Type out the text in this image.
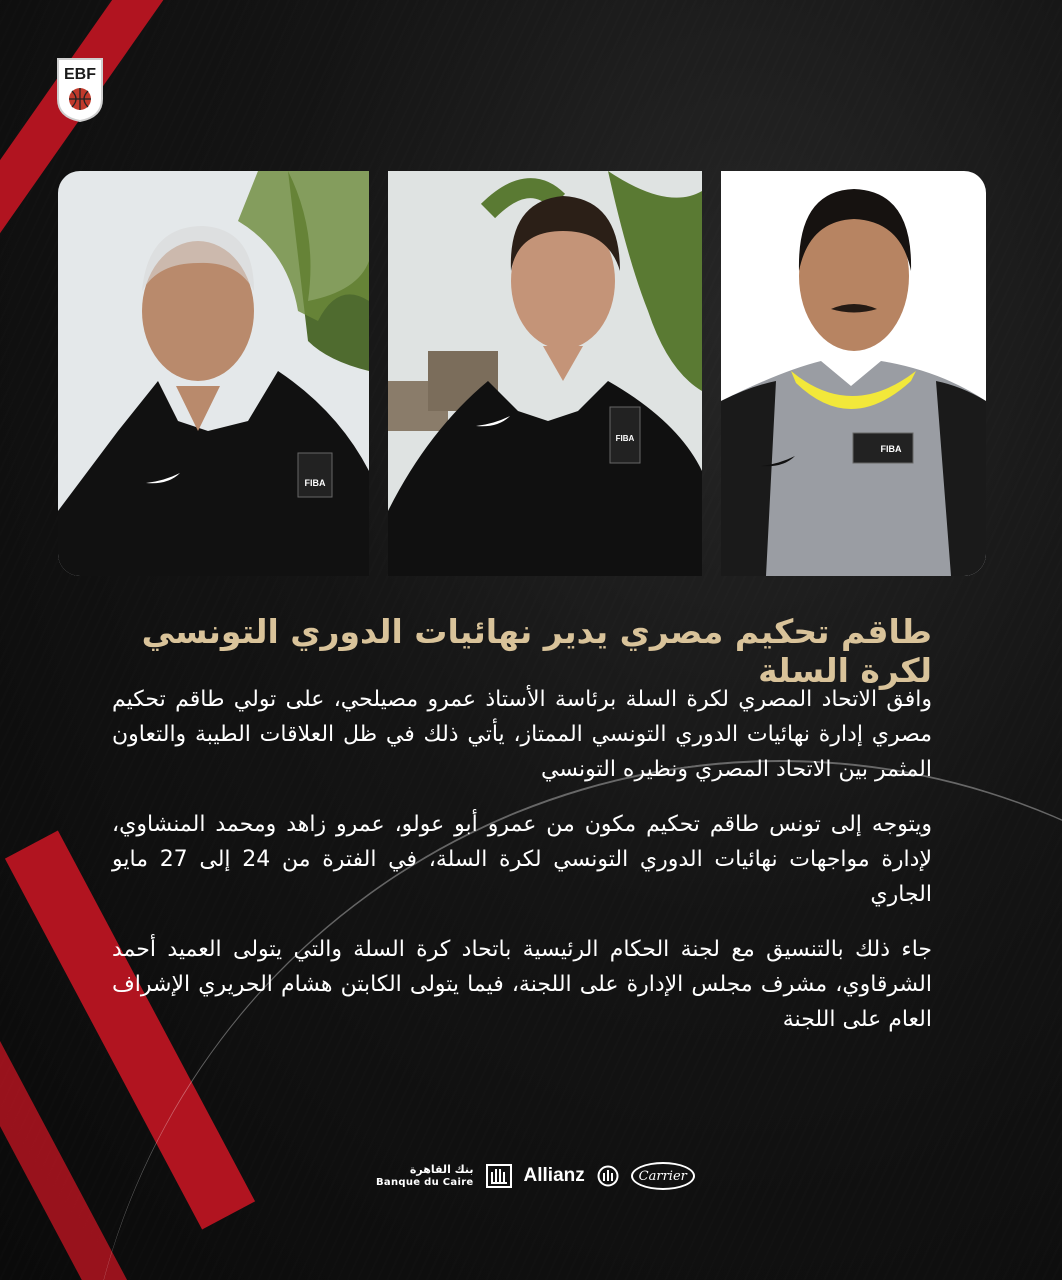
EBF
FIBA
FIBA
FIBA
طاقم تحكيم مصري يدير نهائيات الدوري التونسي لكرة السلة

وافق الاتحاد المصري لكرة السلة برئاسة الأستاذ عمرو مصيلحي، على تولي طاقم تحكيم مصري إدارة نهائيات الدوري التونسي الممتاز، يأتي ذلك في ظل العلاقات الطيبة والتعاون المثمر بين الاتحاد المصري ونظيره التونسي

ويتوجه إلى تونس طاقم تحكيم مكون من عمرو أبو عولو، عمرو زاهد ومحمد المنشاوي، لإدارة مواجهات نهائيات الدوري التونسي لكرة السلة، في الفترة من 24 إلى 27 مايو الجاري

جاء ذلك بالتنسيق مع لجنة الحكام الرئيسية باتحاد كرة السلة والتي يتولى العميد أحمد الشرقاوي، مشرف مجلس الإدارة على اللجنة، فيما يتولى الكابتن هشام الحريري الإشراف العام على اللجنة

بنك القاهرة
Banque du Caire	Allianz	Carrier
